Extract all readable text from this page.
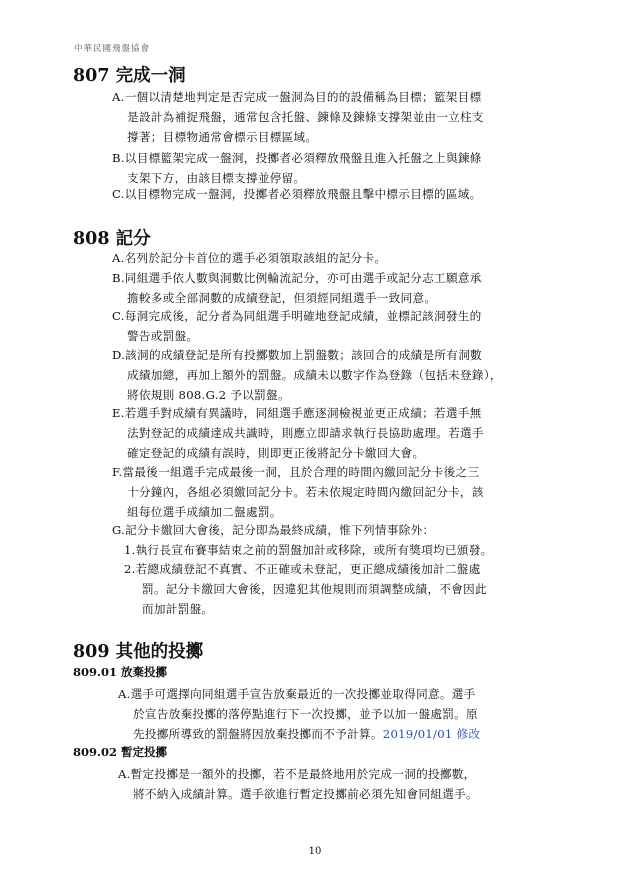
中華民國飛盤協會
807 完成一洞
A.一個以清楚地判定是否完成一盤洞為目的的設備稱為目標；籃架目標
是設計為補捉飛盤，通常包含托盤、鍊條及鍊條支撐架並由一立柱支
撐著；目標物通常會標示目標區域。
B.以目標籃架完成一盤洞，投擲者必須釋放飛盤且進入托盤之上與鍊條
支架下方，由該目標支撐並停留。
C.以目標物完成一盤洞，投擲者必須釋放飛盤且擊中標示目標的區域。
808 記分
A.名列於記分卡首位的選手必須領取該組的記分卡。
B.同組選手依人數與洞數比例輪流記分，亦可由選手或記分志工願意承
擔較多或全部洞數的成績登記，但須經同組選手一致同意。
C.每洞完成後，記分者為同組選手明確地登記成績，並標記該洞發生的
警告或罰盤。
D.該洞的成績登記是所有投擲數加上罰盤數；該回合的成績是所有洞數
成績加總，再加上額外的罰盤。成績未以數字作為登錄（包括未登錄），
將依規則 808.G.2 予以罰盤。
E.若選手對成績有異議時，同組選手應逐洞檢視並更正成績；若選手無
法對登記的成績達成共識時，則應立即請求執行長協助處理。若選手
確定登記的成績有誤時，則即更正後將記分卡繳回大會。
F.當最後一組選手完成最後一洞，且於合理的時間內繳回記分卡後之三
十分鐘內，各組必須繳回記分卡。若未依規定時間內繳回記分卡，該
組每位選手成績加二盤處罰。
G.記分卡繳回大會後，記分即為最終成績，惟下列情事除外：
1.執行長宣布賽事結束之前的罰盤加計或移除，或所有獎項均已頒發。
2.若總成績登記不真實、不正確或未登記，更正總成績後加計二盤處
罰。記分卡繳回大會後，因違犯其他規則而須調整成績，不會因此
而加計罰盤。
809 其他的投擲
809.01 放棄投擲
A.選手可選擇向同組選手宣告放棄最近的一次投擲並取得同意。選手
於宣告放棄投擲的落停點進行下一次投擲，並予以加一盤處罰。原
先投擲所導致的罰盤將因放棄投擲而不予計算。2019/01/01 修改
809.02 暫定投擲
A.暫定投擲是一額外的投擲，若不是最終地用於完成一洞的投擲數，
將不納入成績計算。選手欲進行暫定投擲前必須先知會同組選手。
10
